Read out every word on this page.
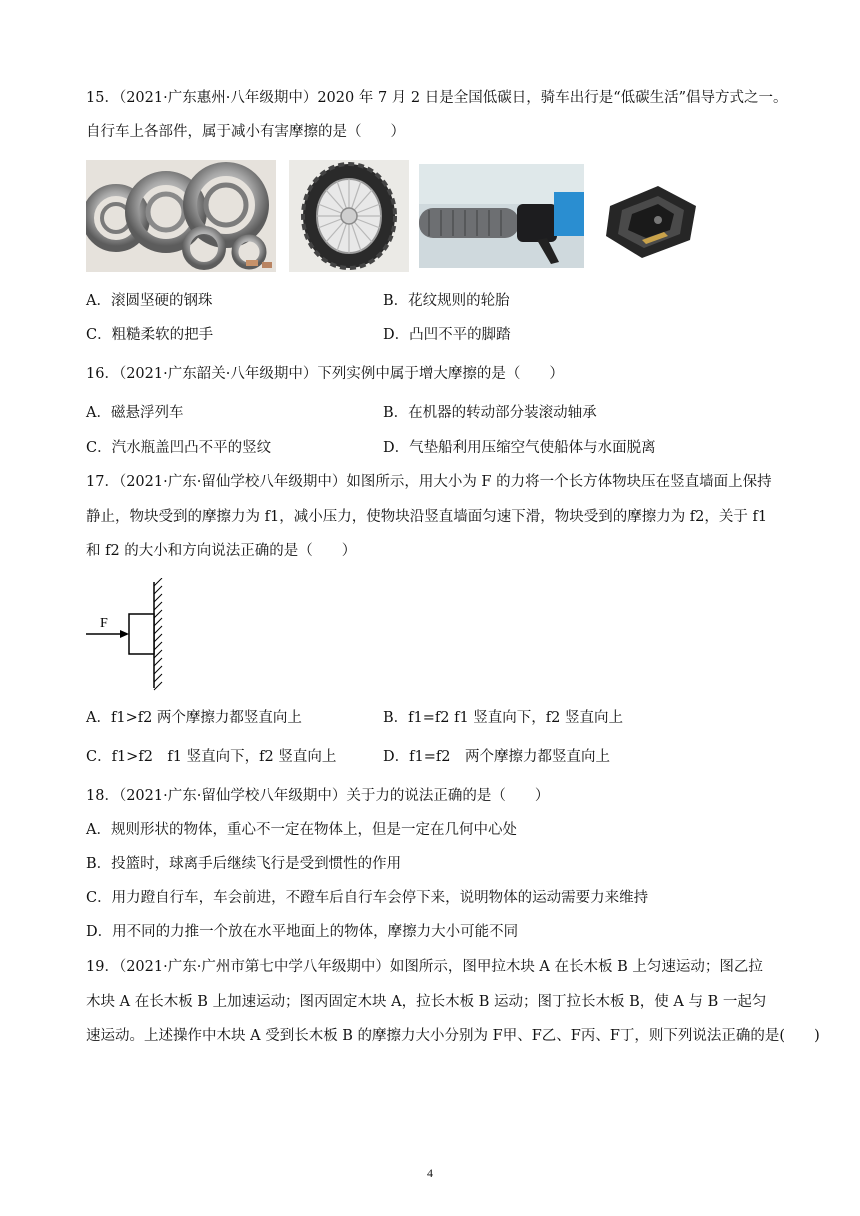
15．（2021·广东惠州·八年级期中）2020 年 7 月 2 日是全国低碳日，骑车出行是“低碳生活”倡导方式之一。
自行车上各部件，属于减小有害摩擦的是（　　）
A．滚圆坚硬的钢珠	B．花纹规则的轮胎
C．粗糙柔软的把手	D．凸凹不平的脚踏
16．（2021·广东韶关·八年级期中）下列实例中属于增大摩擦的是（　　）
A．磁悬浮列车	B．在机器的转动部分装滚动轴承
C．汽水瓶盖凹凸不平的竖纹	D．气垫船利用压缩空气使船体与水面脱离
17．（2021·广东·留仙学校八年级期中）如图所示，用大小为 F 的力将一个长方体物块压在竖直墙面上保持
静止，物块受到的摩擦力为 f1，减小压力，使物块沿竖直墙面匀速下滑，物块受到的摩擦力为 f2，关于 f1
和 f2 的大小和方向说法正确的是（　　）
F
A．f1>f2 两个摩擦力都竖直向上	B．f1=f2 f1 竖直向下，f2 竖直向上
C．f1>f2　f1 竖直向下，f2 竖直向上	D．f1=f2　两个摩擦力都竖直向上
18．（2021·广东·留仙学校八年级期中）关于力的说法正确的是（　　）
A．规则形状的物体，重心不一定在物体上，但是一定在几何中心处
B．投篮时，球离手后继续飞行是受到惯性的作用
C．用力蹬自行车，车会前进，不蹬车后自行车会停下来，说明物体的运动需要力来维持
D．用不同的力推一个放在水平地面上的物体，摩擦力大小可能不同
19．（2021·广东·广州市第七中学八年级期中）如图所示，图甲拉木块 A 在长木板 B 上匀速运动；图乙拉
木块 A 在长木板 B 上加速运动；图丙固定木块 A，拉长木板 B 运动；图丁拉长木板 B，使 A 与 B 一起匀
速运动。上述操作中木块 A 受到长木板 B 的摩擦力大小分别为 F甲、F乙、F丙、F丁，则下列说法正确的是(　　)
4
